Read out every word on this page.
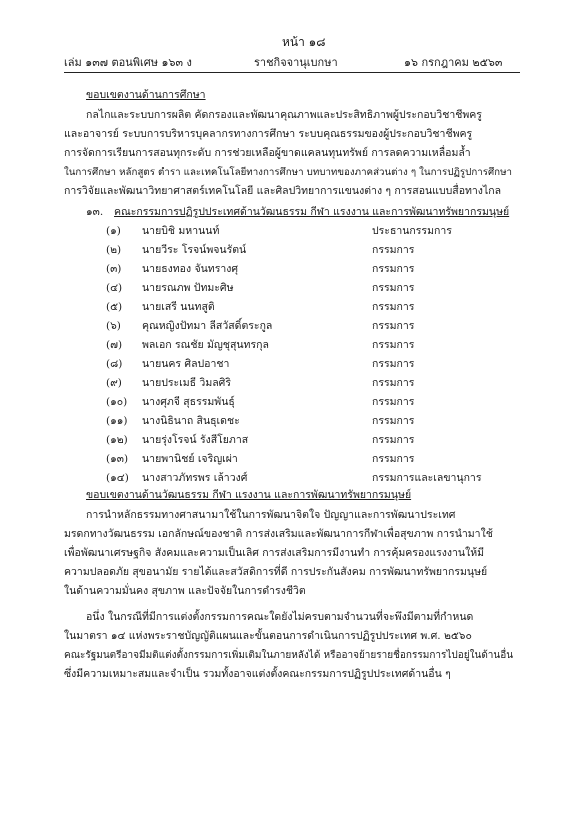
หน้า ๑๘
เล่ม ๑๓๗ ตอนพิเศษ ๑๖๓ ง	ราชกิจจานุเบกษา	๑๖ กรกฎาคม ๒๕๖๓
ขอบเขตงานด้านการศึกษา
กลไกและระบบการผลิต คัดกรองและพัฒนาคุณภาพและประสิทธิภาพผู้ประกอบวิชาชีพครู
และอาจารย์ ระบบการบริหารบุคลากรทางการศึกษา ระบบคุณธรรมของผู้ประกอบวิชาชีพครู
การจัดการเรียนการสอนทุกระดับ การช่วยเหลือผู้ขาดแคลนทุนทรัพย์ การลดความเหลื่อมล้ำ
ในการศึกษา หลักสูตร ตำรา และเทคโนโลยีทางการศึกษา บทบาทของภาคส่วนต่าง ๆ ในการปฏิรูปการศึกษา
การวิจัยและพัฒนาวิทยาศาสตร์เทคโนโลยี และศิลปวิทยาการแขนงต่าง ๆ การสอนแบบสื่อทางไกล
๑๓. คณะกรรมการปฏิรูปประเทศด้านวัฒนธรรม กีฬา แรงงาน และการพัฒนาทรัพยากรมนุษย์
(๑) นายบิชิ มหานนท์	ประธานกรรมการ
(๒) นายวีระ โรจน์พจนรัตน์	กรรมการ
(๓) นายธงทอง จันทรางศุ	กรรมการ
(๔) นายรณภพ ปัทมะศิษ	กรรมการ
(๕) นายเสรี นนทสูติ	กรรมการ
(๖) คุณหญิงปัทมา ลีสวัสดิ์ตระกูล	กรรมการ
(๗) พลเอก รณชัย มัญชุสุนทรกุล	กรรมการ
(๘) นายนคร ศิลปอาชา	กรรมการ
(๙) นายประเมธี วิมลศิริ	กรรมการ
(๑๐) นางศุภจี สุธรรมพันธุ์	กรรมการ
(๑๑) นางนิธินาถ สินธุเดชะ	กรรมการ
(๑๒) นายรุ่งโรจน์ รังสีโยภาส	กรรมการ
(๑๓) นายพานิชย์ เจริญเผ่า	กรรมการ
(๑๔) นางสาวภัทรพร เล้าวงศ์	กรรมการและเลขานุการ
ขอบเขตงานด้านวัฒนธรรม กีฬา แรงงาน และการพัฒนาทรัพยากรมนุษย์
การนำหลักธรรมทางศาสนามาใช้ในการพัฒนาจิตใจ ปัญญาและการพัฒนาประเทศ
มรดกทางวัฒนธรรม เอกลักษณ์ของชาติ การส่งเสริมและพัฒนาการกีฬาเพื่อสุขภาพ การนำมาใช้
เพื่อพัฒนาเศรษฐกิจ สังคมและความเป็นเลิศ การส่งเสริมการมีงานทำ การคุ้มครองแรงงานให้มี
ความปลอดภัย สุขอนามัย รายได้และสวัสดิการที่ดี การประกันสังคม การพัฒนาทรัพยากรมนุษย์
ในด้านความมั่นคง สุขภาพ และปัจจัยในการดำรงชีวิต
อนึ่ง ในกรณีที่มีการแต่งตั้งกรรมการคณะใดยังไม่ครบตามจำนวนที่จะพึงมีตามที่กำหนด
ในมาตรา ๑๔ แห่งพระราชบัญญัติแผนและขั้นตอนการดำเนินการปฏิรูปประเทศ พ.ศ. ๒๕๖๐
คณะรัฐมนตรีอาจมีมติแต่งตั้งกรรมการเพิ่มเติมในภายหลังได้ หรืออาจย้ายรายชื่อกรรมการไปอยู่ในด้านอื่น
ซึ่งมีความเหมาะสมและจำเป็น รวมทั้งอาจแต่งตั้งคณะกรรมการปฏิรูปประเทศด้านอื่น ๆ
